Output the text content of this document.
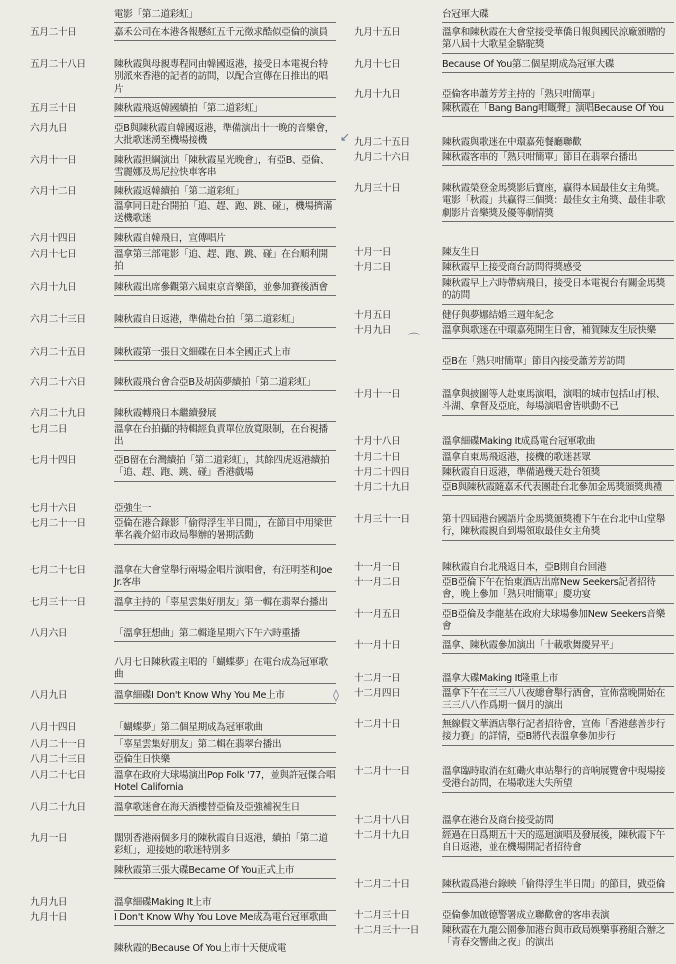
電影「第二道彩虹」
五月二十日	嘉禾公司在本港各報懸紅五千元徵求酷似亞倫的演員
五月二十八日	陳秋霞與母親專程同由韓國返港，接受日本電視台特別派來香港的記者的訪問，以配合宣傳在日推出的唱片
五月三十日	陳秋霞飛返韓國續拍「第二道彩虹」
六月九日	亞B與陳秋霞自韓國返港，準備演出十一晚的音樂會，大批歌迷湧至機場接機
六月十一日	陳秋霞担綱演出「陳秋霞星光晚會」，有亞B、亞倫、雪麗娜及馬尼拉快車客串
六月十二日	陳秋霞返韓續拍「第二道彩虹」
溫拿同日赴台開拍「追、趕、跑、跳、碰」，機場擠滿送機歌迷
六月十四日	陳秋霞自韓飛日，宣傳唱片
六月十七日	溫拿第三部電影「追、趕、跑、跳、碰」在台順利開拍
六月十九日	陳秋霞出席參觀第六屆東京音樂節，並參加賽後酒會
六月二十三日	陳秋霞自日返港，準備赴台拍「第二道彩虹」
六月二十五日	陳秋霞第一張日文細碟在日本全國正式上市
六月二十六日	陳秋霞飛台會合亞B及胡茵夢續拍「第二道彩虹」
六月二十九日	陳秋霞轉飛日本繼續發展
七月二日	溫拿在台拍攝的特輯經負責單位放寬限制，在台視播出
七月十四日	亞B留在台灣續拍「第二道彩虹」，其餘四虎返港續拍「追、趕、跑、跳、碰」香港戲場
七月十六日	亞強生一
七月二十一日	亞倫在港合錄影「偷得浮生半日閒」，在節目中用梁世華名義介紹市政局舉辦的暑期活動
七月二十七日	溫拿在大會堂舉行兩場金唱片演唱會，有汪明荃和Joe Jr.客串
七月三十一日	溫拿主持的「辜星雲集好朋友」第一輯在翡翠台播出
八月六日	「溫拿狂想曲」第二輯逢星期六下午六時重播
八月七日陳秋霞主唱的「蝴蝶夢」在電台成為冠軍歌曲
八月九日	溫拿細碟I Don't Know Why You Me上市
八月十四日	「蝴蝶夢」第二個星期成為冠軍歌曲
八月二十一日	「辜星雲集好朋友」第二輯在翡翠台播出
八月二十三日	亞倫生日快樂
八月二十七日	溫拿在政府大球場演出Pop Folk '77，並與許冠傑合唱Hotel California
八月二十九日	溫拿歌迷會在海天酒樓替亞倫及亞強補祝生日
九月一日	闊別香港兩個多月的陳秋霞自日返港，續拍「第二道彩虹」，迎接她的歌迷特別多
陳秋霞第三張大碟Became Of You正式上市
九月九日	溫拿細碟Making It上市
九月十日	I Don't Know Why You Love Me成為電台冠軍歌曲
陳秋霞的Because Of You上市十天便成電
台冠軍大碟
九月十五日	溫拿和陳秋霞在大會堂接受華僑日報與國民涼廠頒贈的第八屆十大歌星金駱駝獎
九月十七日	Because Of You第二個星期成為冠軍大碟
九月十九日	亞倫客串蕭芳芳主持的「熟只咁簡單」
陳秋霞在「Bang Bang咁嘅聲」演唱Because Of You
九月二十五日	陳秋霞與歌迷在中環嘉苑餐廳聯歡
九月二十六日	陳秋霞客串的「熟只咁簡單」節目在翡翠台播出
九月三十日	陳秋霞榮登金馬獎影后寶座，贏得本屆最佳女主角獎。電影「秋霞」共贏得三個獎：最佳女主角獎、最佳非歌劇影片音樂獎及優等劇情獎
十月一日	陳友生日
十月二日	陳秋霞早上接受商台訪問得獎感受
陳秋霞早上六時帶病飛日，接受日本電視台有關金馬獎的訪問
十月五日	健仔與夢娜結婚三週年紀念
十月九日	溫拿與歌迷在中環嘉苑開生日會，補賀陳友生辰快樂
亞B在「熟只咁簡單」節目內接受蕭芳芳訪問
十月十一日	溫拿與披圖等人赴東馬演唱，演唱的城市包括山打根、斗湖、拿督及亞庇，每場演唱會皆哄動不已
十月十八日	溫拿細碟Making It成爲電台冠軍歌曲
十月二十日	溫拿自東馬飛返港，接機的歌迷甚眾
十月二十四日	陳秋霞自日返港，準備過幾天赴台領獎
十月二十九日	亞B與陳秋霞隨嘉禾代表團赴台北參加金馬獎頒獎典禮
十月三十一日	第十四屆港台國語片金馬獎頒獎禮下午在台北中山堂舉行，陳秋霞親自到場領取最佳女主角獎
十一月一日	陳秋霞自台北飛返日本，亞B則自台回港
十一月二日	亞B亞倫下午在怡東酒店出席New Seekers記者招待會，晚上參加「熟只咁簡單」慶功宴
十一月五日	亞B亞倫及李龍基在政府大球場參加New Seekers音樂會
十一月十日	溫拿、陳秋霞參加演出「十載歌舞慶昇平」
十二月一日	溫拿大碟Making It隆重上市
十二月四日	溫拿下午在三三八八夜總會舉行酒會，宣佈當晚開始在三三八八作爲期一個月的演出
十二月十日	無線假文華酒店舉行記者招待會，宣佈「香港慈善步行接力賽」的詳情，亞B將代表溫拿參加步行
十二月十一日	溫拿臨時取消在紅磡火車站舉行的音响展覽會中現場接受港台訪問，在場歌迷大失所望
十二月十八日	溫拿在港台及商台接受訪問
十二月十九日	經過在日爲期五十天的巡迴演唱及發展後，陳秋霞下午自日返港，並在機場開記者招待會
十二月二十日	陳秋霞爲港台錄映「偷得浮生半日閒」的節目，戥亞倫
十二月三十日	亞倫參加啟德警署成立聯歡會的客串表演
十二月三十一日 陳秋霞在九龍公園參加港台與市政局娛樂事務組合辦之「青春交響曲之夜」的演出
↙
◊
⌒
